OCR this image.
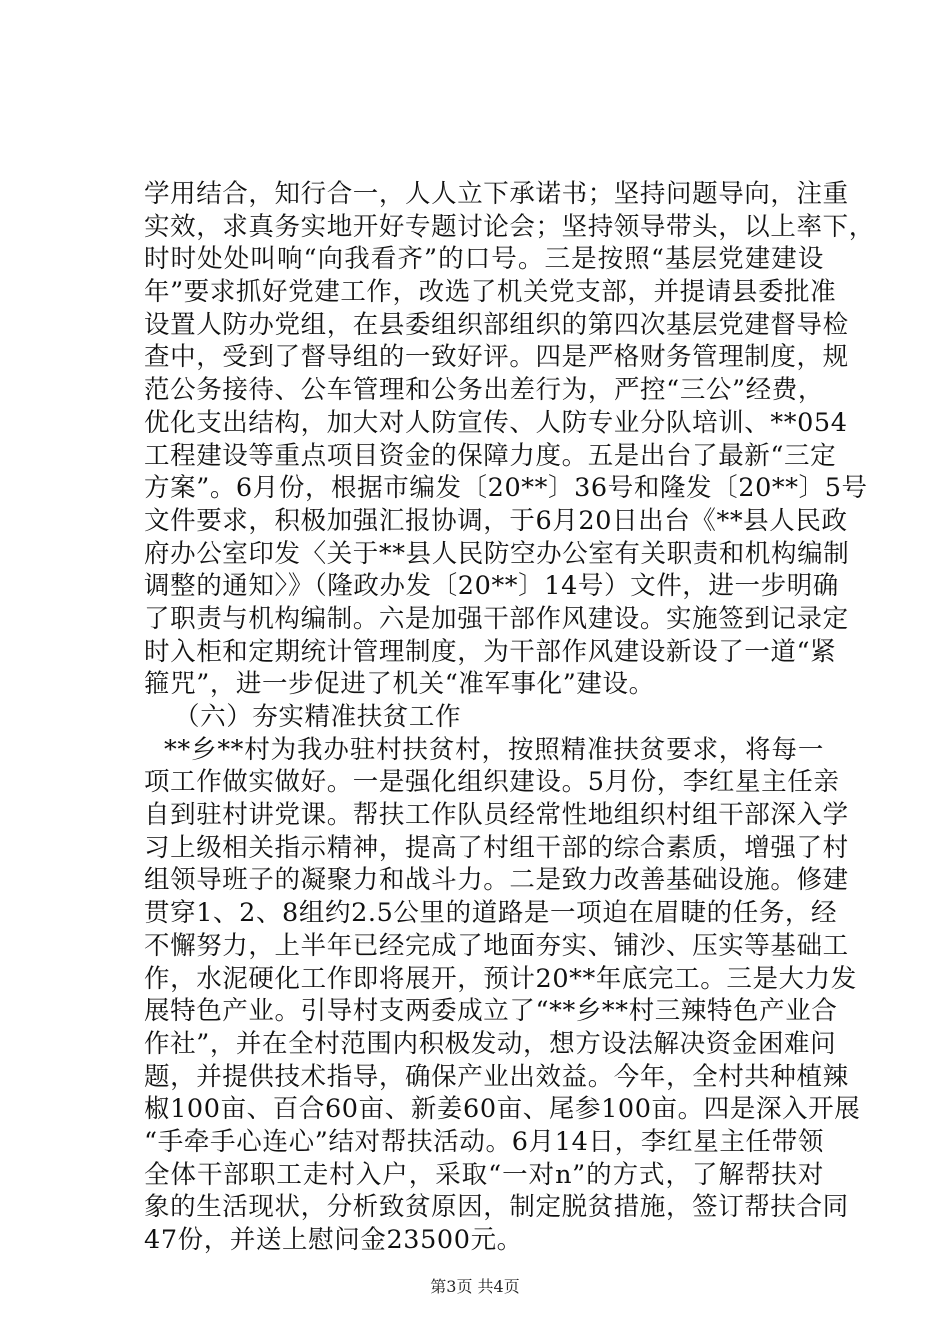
学用结合，知行合一，人人立下承诺书；坚持问题导向，注重
实效，求真务实地开好专题讨论会；坚持领导带头，以上率下，
时时处处叫响“向我看齐”的口号。三是按照“基层党建建设
年”要求抓好党建工作，改选了机关党支部，并提请县委批准
设置人防办党组，在县委组织部组织的第四次基层党建督导检
查中，受到了督导组的一致好评。四是严格财务管理制度，规
范公务接待、公车管理和公务出差行为，严控“三公”经费，
优化支出结构，加大对人防宣传、人防专业分队培训、**054
工程建设等重点项目资金的保障力度。五是出台了最新“三定
方案”。6月份，根据市编发〔20**〕36号和隆发〔20**〕5号
文件要求，积极加强汇报协调，于6月20日出台《**县人民政
府办公室印发〈关于**县人民防空办公室有关职责和机构编制
调整的通知〉》（隆政办发〔20**〕14号）文件，进一步明确
了职责与机构编制。六是加强干部作风建设。实施签到记录定
时入柜和定期统计管理制度，为干部作风建设新设了一道“紧
箍咒”，进一步促进了机关“准军事化”建设。
（六）夯实精准扶贫工作
**乡**村为我办驻村扶贫村，按照精准扶贫要求，将每一
项工作做实做好。一是强化组织建设。5月份，李红星主任亲
自到驻村讲党课。帮扶工作队员经常性地组织村组干部深入学
习上级相关指示精神，提高了村组干部的综合素质，增强了村
组领导班子的凝聚力和战斗力。二是致力改善基础设施。修建
贯穿1、2、8组约2.5公里的道路是一项迫在眉睫的任务，经
不懈努力，上半年已经完成了地面夯实、铺沙、压实等基础工
作，水泥硬化工作即将展开，预计20**年底完工。三是大力发
展特色产业。引导村支两委成立了“**乡**村三辣特色产业合
作社”，并在全村范围内积极发动，想方设法解决资金困难问
题，并提供技术指导，确保产业出效益。今年，全村共种植辣
椒100亩、百合60亩、新姜60亩、尾参100亩。四是深入开展
“手牵手心连心”结对帮扶活动。6月14日，李红星主任带领
全体干部职工走村入户，采取“一对n”的方式，了解帮扶对
象的生活现状，分析致贫原因，制定脱贫措施，签订帮扶合同
47份，并送上慰问金23500元。
第3页 共4页
